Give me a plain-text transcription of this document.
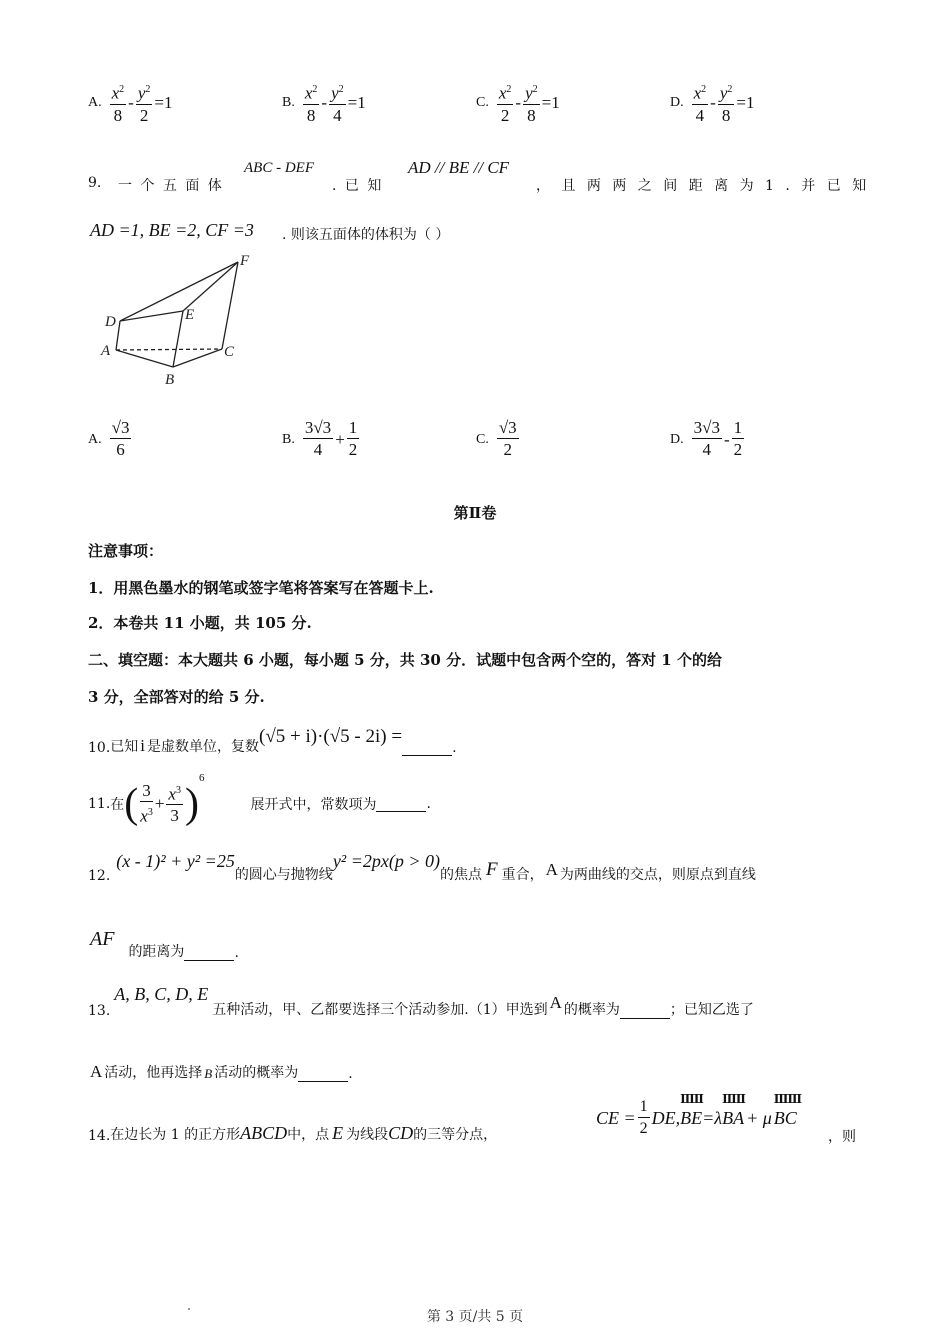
A. $\frac{x^2}{8} - \frac{y^2}{2} =1$	B. $\frac{x^2}{8} - \frac{y^2}{4} =1$	C. $\frac{x^2}{2} - \frac{y^2}{8} =1$	D. $\frac{x^2}{4} - \frac{y^2}{8} =1$
9. 一 个 五 面 体
ABC - DEF
. 已 知
AD // BE // CF
， 且 两 两 之 间 距 离 为 1 . 并 已 知
AD =1, BE =2, CF =3 . 则该五面体的体积为（ ）
F
E
D
A	C
B
A. $\frac{√3}{6}$	B. $\frac{3√3}{4} + \frac{1}{2}$	C. $\frac{√3}{2}$	D. $\frac{3√3}{4} - \frac{1}{2}$
第Ⅱ卷
注意事项：
1．用黑色墨水的钢笔或签字笔将答案写在答题卡上.
2．本卷共 11 小题，共 105 分.
二、填空题：本大题共 6 小题，每小题 5 分，共 30 分．试题中包含两个空的，答对 1 个的给
3 分，全部答对的给 5 分.
10. 已知 i 是虚数单位，复数 (√5 + i)·(√5 - 2i) =
.
11. 在 ( $\frac{3}{x^3} + \frac{x^3}{3}$ )
6
展开式中，常数项为	.
12.
(x - 1)² + y² =25
的圆心与抛物线
y² =2px(p > 0)
的焦点 F 重合， A 为两曲线的交点，则原点到直线
AF
的距离为	.
13.
A, B, C, D, E
五种活动，甲、乙都要选择三个活动参加.（1）甲选到 A 的概率为	；已知乙选了
A 活动，他再选择 B 活动的概率为	.
14. 在边长为 1 的正方形 ABCD 中，点 E 为线段 CD 的三等分点，
CE = $\frac{1}{2}$ DE,
ⅢⅡ
BE =λ
ⅢⅡ
BA + μ
ⅢⅢ
BC
，则
第 3 页/共 5 页
